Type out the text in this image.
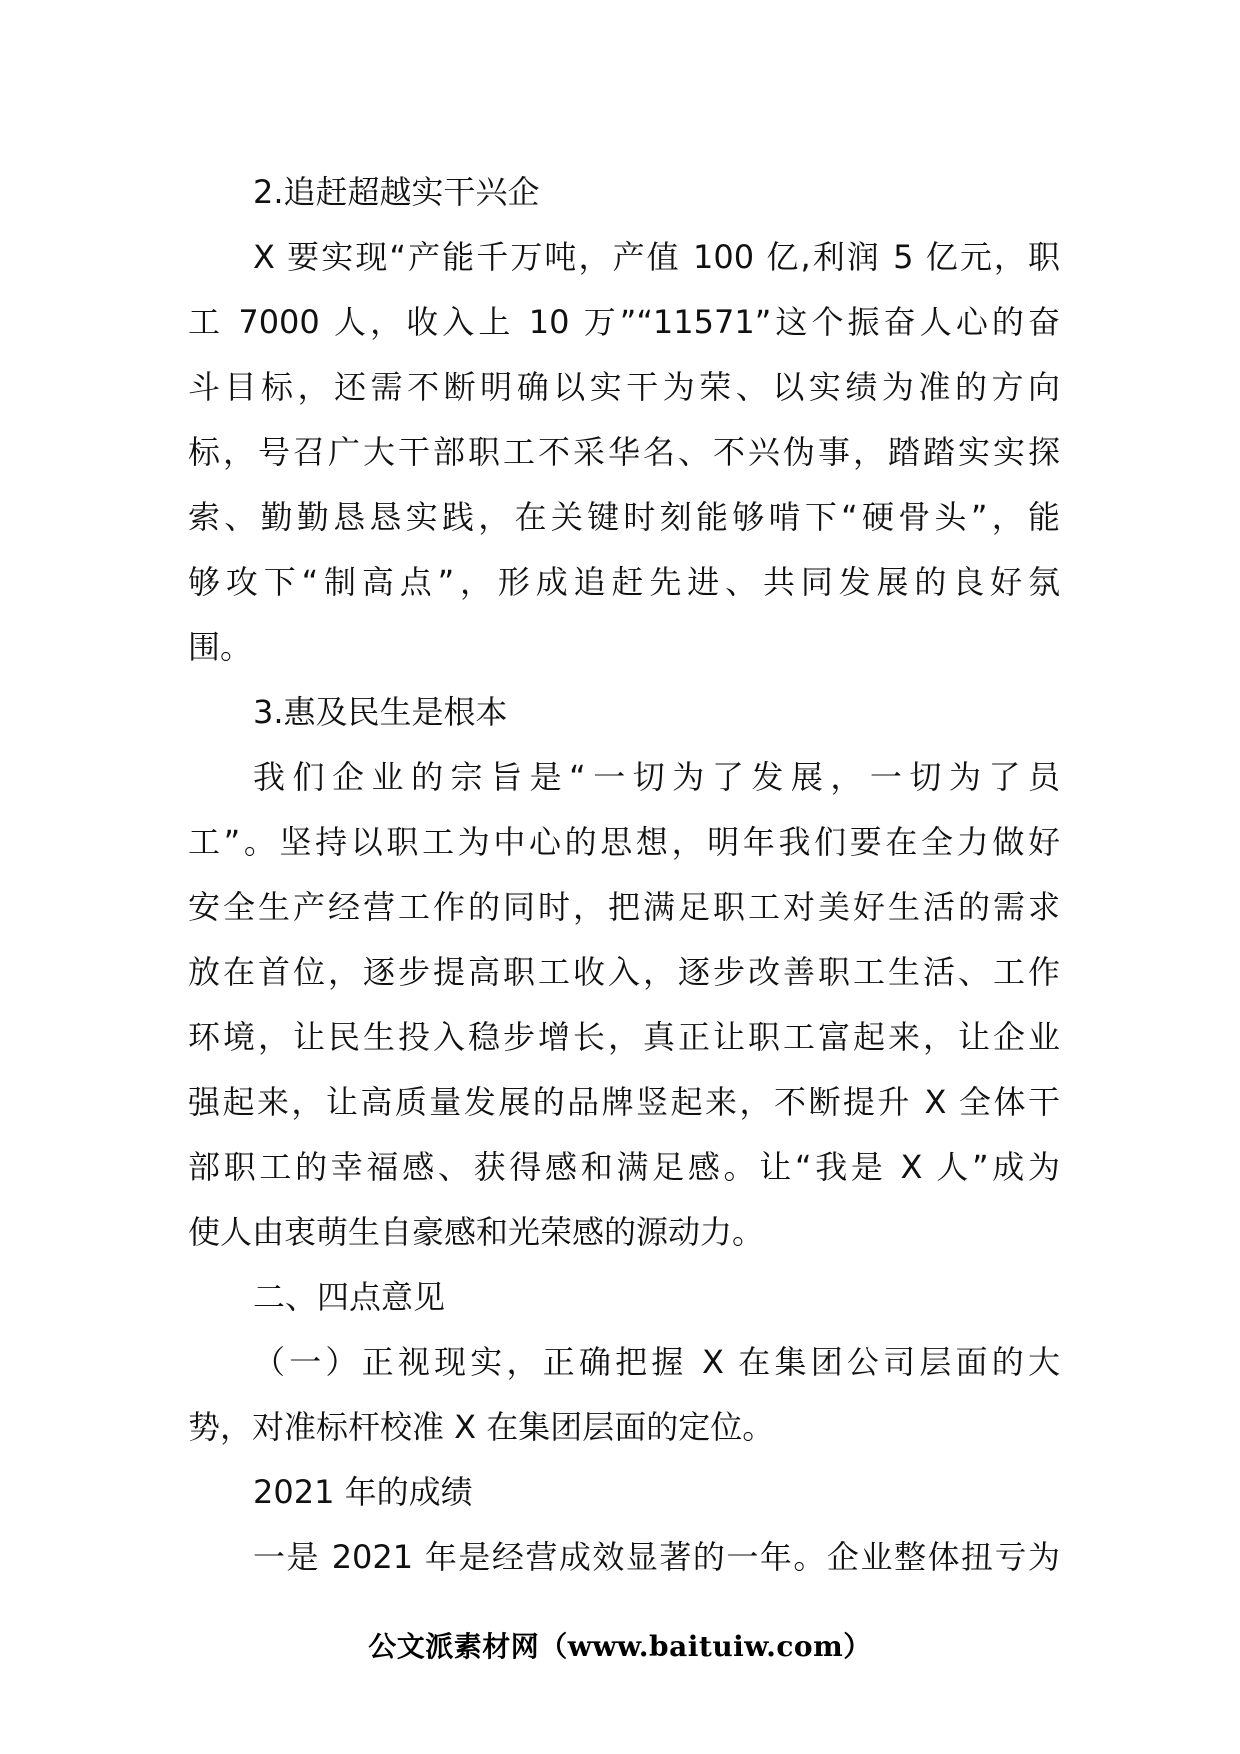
2.追赶超越实干兴企
X 要实现“产能千万吨，产值 100 亿,利润 5 亿元，职
工 7000 人，收入上 10 万”“11571”这个振奋人心的奋
斗目标，还需不断明确以实干为荣、以实绩为准的方向
标，号召广大干部职工不采华名、不兴伪事，踏踏实实探
索、勤勤恳恳实践，在关键时刻能够啃下“硬骨头”，能
够攻下“制高点”，形成追赶先进、共同发展的良好氛
围。
3.惠及民生是根本
我们企业的宗旨是“一切为了发展，一切为了员
工”。坚持以职工为中心的思想，明年我们要在全力做好
安全生产经营工作的同时，把满足职工对美好生活的需求
放在首位，逐步提高职工收入，逐步改善职工生活、工作
环境，让民生投入稳步增长，真正让职工富起来，让企业
强起来，让高质量发展的品牌竖起来，不断提升 X 全体干
部职工的幸福感、获得感和满足感。让“我是 X 人”成为
使人由衷萌生自豪感和光荣感的源动力。
二、四点意见
（一）正视现实，正确把握 X 在集团公司层面的大
势，对准标杆校准 X 在集团层面的定位。
2021 年的成绩
一是 2021 年是经营成效显著的一年。企业整体扭亏为
公文派素材网（www.baituiw.com）
